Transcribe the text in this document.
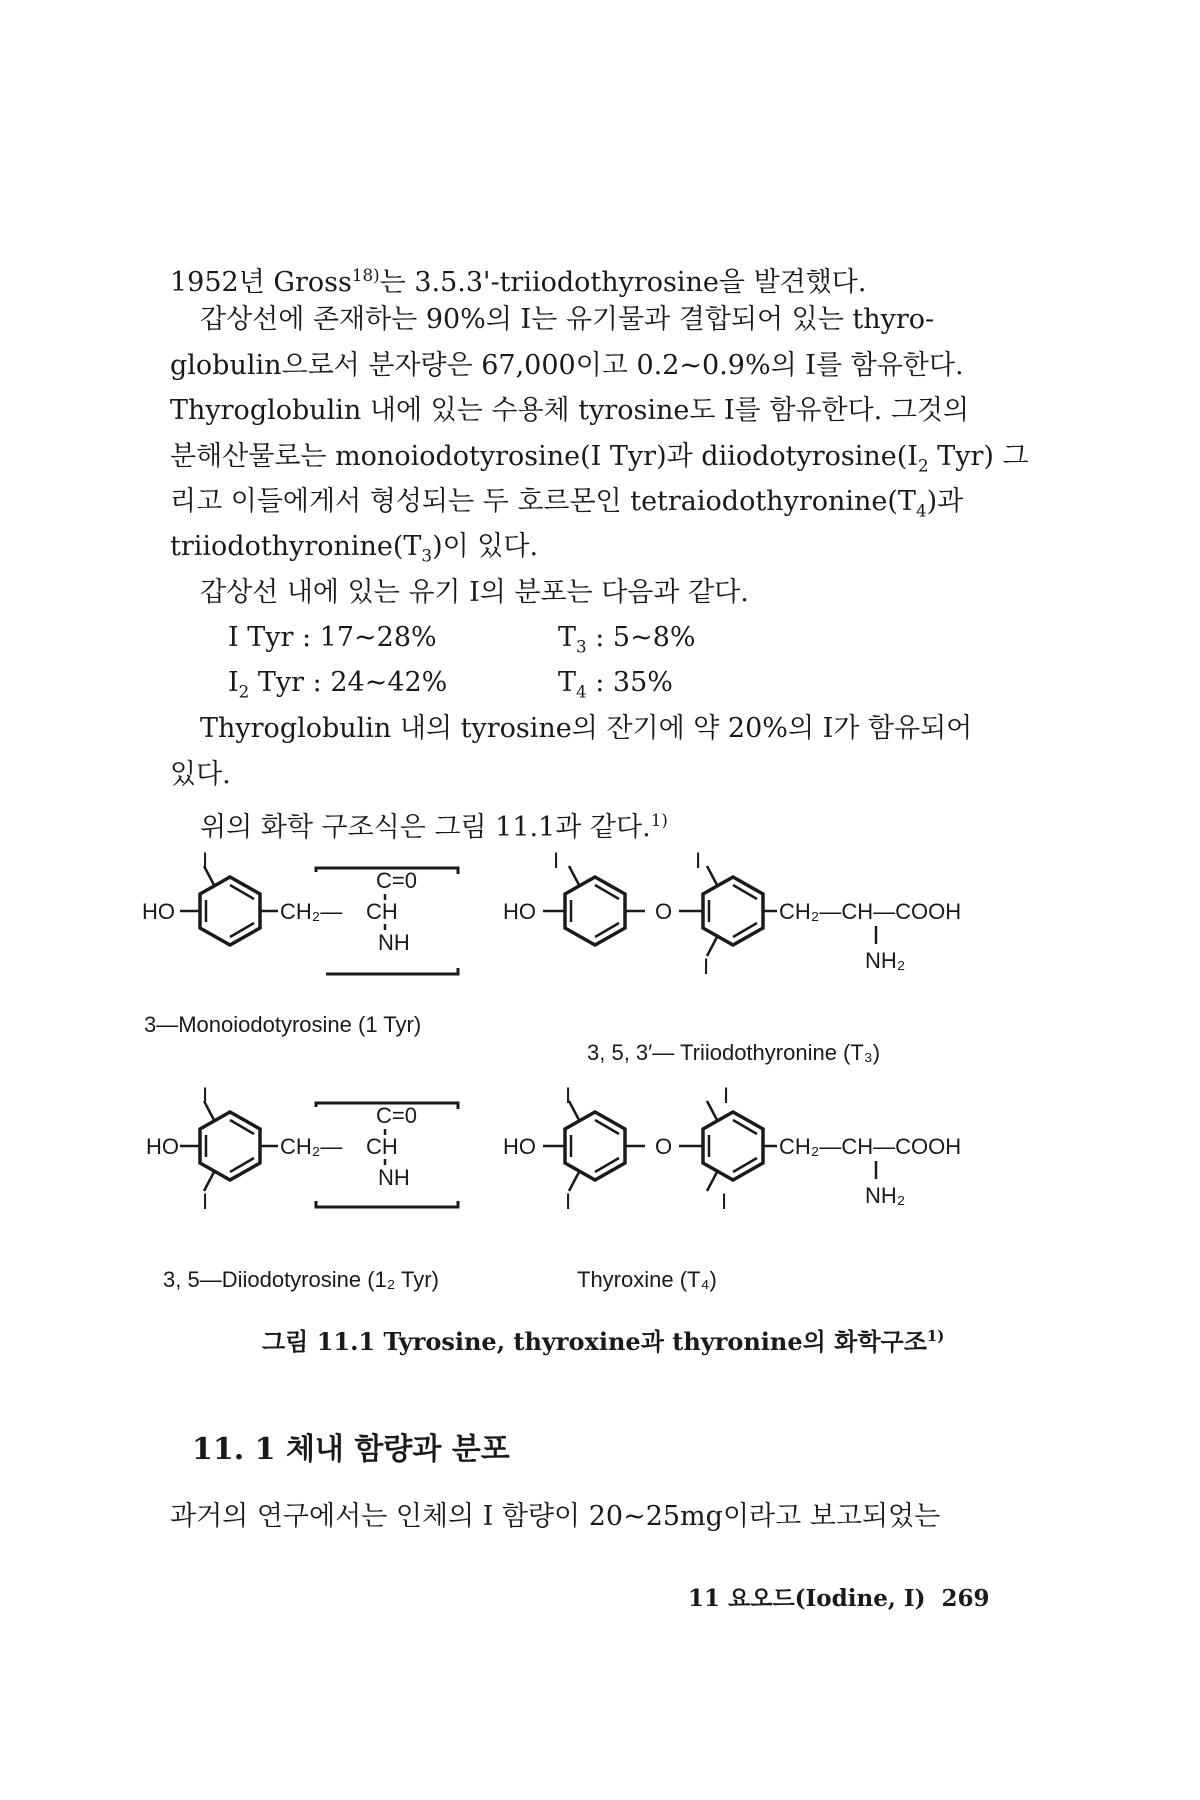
1952년 Gross$^{18)}$는 3.5.3'-triiodothyrosine을 발견했다.
갑상선에 존재하는 90%의 I는 유기물과 결합되어 있는 thyro-
globulin으로서 분자량은 67,000이고 0.2~0.9%의 I를 함유한다.
Thyroglobulin 내에 있는 수용체 tyrosine도 I를 함유한다. 그것의
분해산물로는 monoiodotyrosine(I Tyr)과 $diiodotyrosine(I_2$ Tyr) 그
리고 이들에게서 형성되는 두 호르몬인 $tetraiodothyronine(T_4)$과
$triiodothyronine(T_3)$이 있다.
갑상선 내에 있는 유기 I의 분포는 다음과 같다.
I Tyr : 17~28%	$T_3$ : 5~8%
$I_2$ Tyr : 24~42%	$T_4$ : 35%
Thyroglobulin 내의 tyrosine의 잔기에 약 20%의 I가 함유되어
있다.
위의 화학 구조식은 그림 11.1과 같다.$^{1)}$
I
HO	CH₂— CH
C=0
NH
3—Monoiodotyrosine (1 Tyr)
I
HO	O
I
I
CH₂—CH—COOH
NH₂
3, 5, 3′— Triiodothyronine (T₃)
I
I
HO	CH₂— CH
C=0
NH
3, 5—Diiodotyrosine (1₂ Tyr)
I
I
HO	O
I
I
CH₂—CH—COOH
NH₂
Thyroxine (T₄)
그림 11.1 Tyrosine, thyroxine과 thyronine의 화학구조$^{1)}$
11. 1 체내 함량과 분포
과거의 연구에서는 인체의 I 함량이 20~25mg이라고 보고되었는
11 요오드(Iodine, I) 269
